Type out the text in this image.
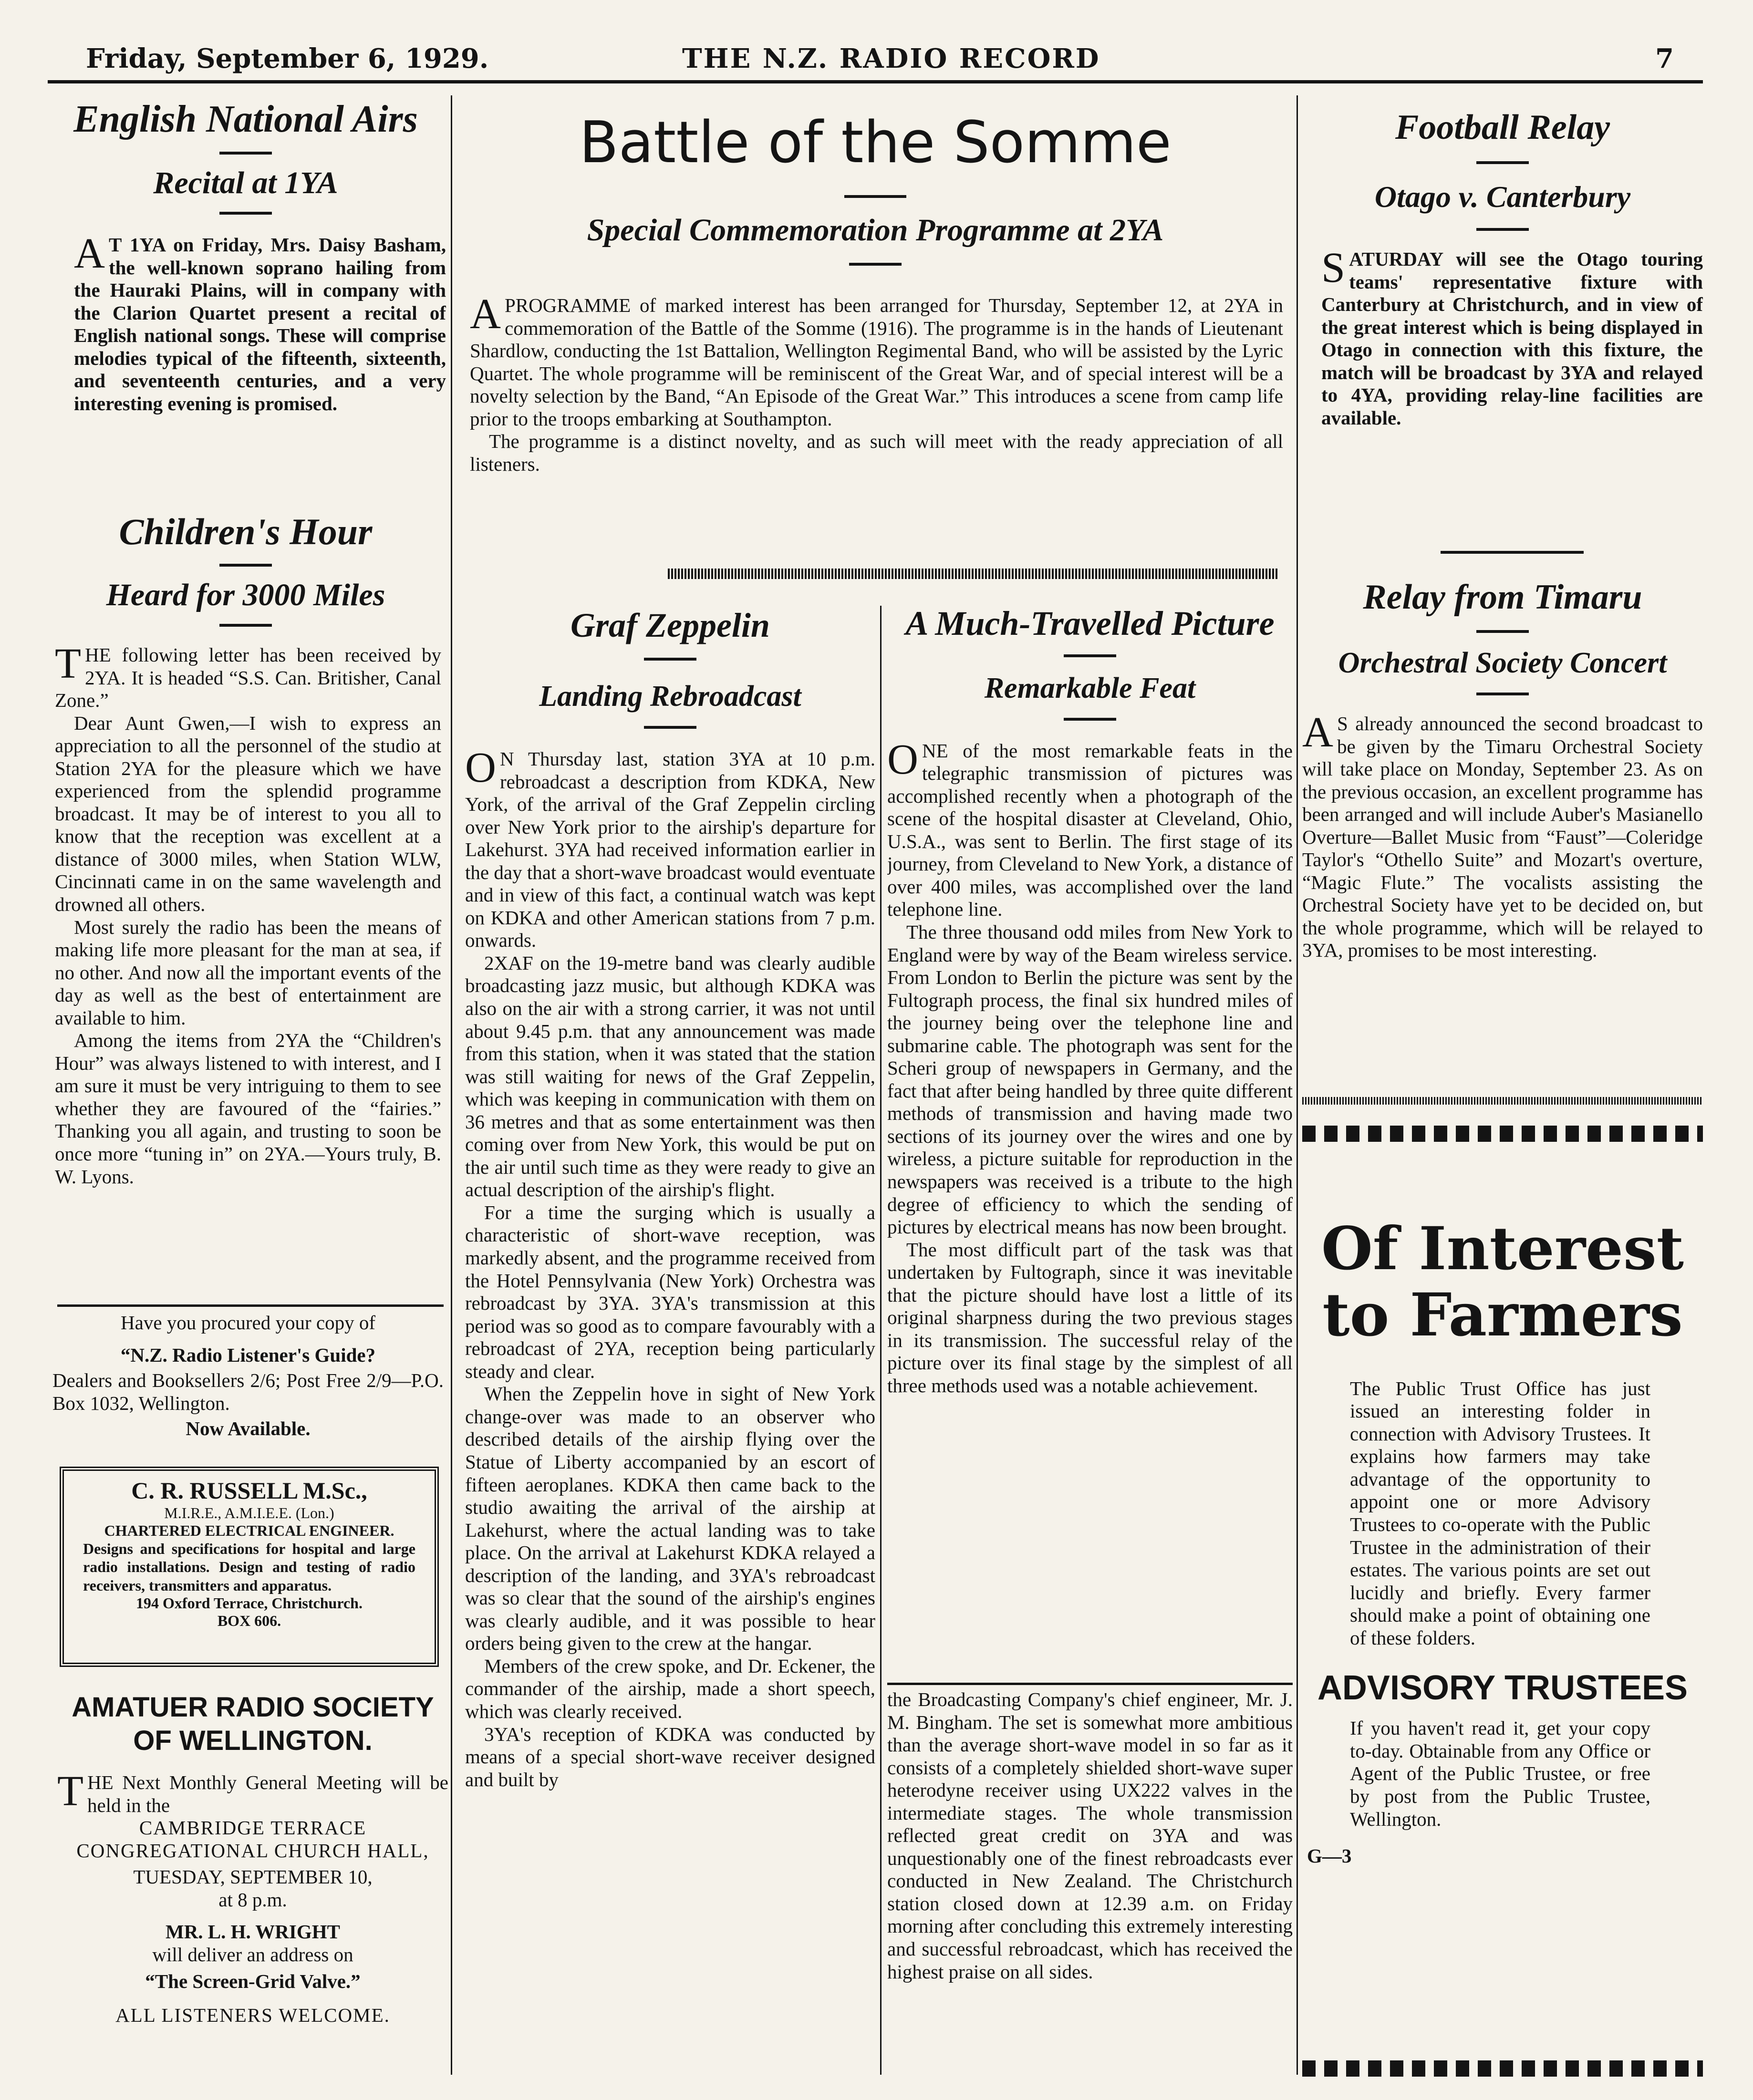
Friday, September 6, 1929.	THE N.Z. RADIO RECORD	7
English National Airs
Recital at 1YA

AT 1YA on Friday, Mrs. Daisy Basham, the well-known soprano hailing from the Hauraki Plains, will in company with the Clarion Quartet present a recital of English national songs. These will comprise melodies typical of the fifteenth, sixteenth, and seventeenth centuries, and a very interesting evening is promised.

Children's Hour
Heard for 3000 Miles

THE following letter has been received by 2YA. It is headed “S.S. Can. Britisher, Canal Zone.”

Dear Aunt Gwen,—I wish to express an appreciation to all the personnel of the studio at Station 2YA for the pleasure which we have experienced from the splendid programme broadcast. It may be of interest to you all to know that the reception was excellent at a distance of 3000 miles, when Station WLW, Cincinnati came in on the same wavelength and drowned all others.

Most surely the radio has been the means of making life more pleasant for the man at sea, if no other. And now all the important events of the day as well as the best of entertainment are available to him.

Among the items from 2YA the “Children's Hour” was always listened to with interest, and I am sure it must be very intriguing to them to see whether they are favoured of the “fairies.” Thanking you all again, and trusting to soon be once more “tuning in” on 2YA.—Yours truly, B. W. Lyons.

Have you procured your copy of
“N.Z. Radio Listener's Guide?
Dealers and Booksellers 2/6; Post Free 2/9—P.O. Box 1032, Wellington.
Now Available.
C. R. RUSSELL M.Sc.,
M.I.R.E., A.M.I.E.E. (Lon.)
CHARTERED ELECTRICAL ENGINEER.
Designs and specifications for hospital and large radio installations. Design and testing of radio receivers, transmitters and apparatus.
194 Oxford Terrace, Christchurch.
BOX 606.
AMATUER RADIO SOCIETY OF WELLINGTON.

THE Next Monthly General Meeting will be held in the

CAMBRIDGE TERRACE CONGREGATIONAL CHURCH HALL,
TUESDAY, SEPTEMBER 10,
at 8 p.m.
MR. L. H. WRIGHT
will deliver an address on
“The Screen-Grid Valve.”
ALL LISTENERS WELCOME.
Battle of the Somme
Special Commemoration Programme at 2YA

APROGRAMME of marked interest has been arranged for Thursday, September 12, at 2YA in commemoration of the Battle of the Somme (1916). The programme is in the hands of Lieutenant Shardlow, conducting the 1st Battalion, Wellington Regimental Band, who will be assisted by the Lyric Quartet. The whole programme will be reminiscent of the Great War, and of special interest will be a novelty selection by the Band, “An Episode of the Great War.” This introduces a scene from camp life prior to the troops embarking at Southampton.

The programme is a distinct novelty, and as such will meet with the ready appreciation of all listeners.

Graf Zeppelin
Landing Rebroadcast

ON Thursday last, station 3YA at 10 p.m. rebroadcast a description from KDKA, New York, of the arrival of the Graf Zeppelin circling over New York prior to the airship's departure for Lakehurst. 3YA had received information earlier in the day that a short-wave broadcast would eventuate and in view of this fact, a continual watch was kept on KDKA and other American stations from 7 p.m. onwards.

2XAF on the 19-metre band was clearly audible broadcasting jazz music, but although KDKA was also on the air with a strong carrier, it was not until about 9.45 p.m. that any announcement was made from this station, when it was stated that the station was still waiting for news of the Graf Zeppelin, which was keeping in communication with them on 36 metres and that as some entertainment was then coming over from New York, this would be put on the air until such time as they were ready to give an actual description of the airship's flight.

For a time the surging which is usually a characteristic of short-wave reception, was markedly absent, and the programme received from the Hotel Pennsylvania (New York) Orchestra was rebroadcast by 3YA. 3YA's transmission at this period was so good as to compare favourably with a rebroadcast of 2YA, reception being particularly steady and clear.

When the Zeppelin hove in sight of New York change-over was made to an observer who described details of the airship flying over the Statue of Liberty accompanied by an escort of fifteen aeroplanes. KDKA then came back to the studio awaiting the arrival of the airship at Lakehurst, where the actual landing was to take place. On the arrival at Lakehurst KDKA relayed a description of the landing, and 3YA's rebroadcast was so clear that the sound of the airship's engines was clearly audible, and it was possible to hear orders being given to the crew at the hangar.

Members of the crew spoke, and Dr. Eckener, the commander of the airship, made a short speech, which was clearly received.

3YA's reception of KDKA was conducted by means of a special short-wave receiver designed and built by

A Much-Travelled Picture
Remarkable Feat

ONE of the most remarkable feats in the telegraphic transmission of pictures was accomplished recently when a photograph of the scene of the hospital disaster at Cleveland, Ohio, U.S.A., was sent to Berlin. The first stage of its journey, from Cleveland to New York, a distance of over 400 miles, was accomplished over the land telephone line.

The three thousand odd miles from New York to England were by way of the Beam wireless service. From London to Berlin the picture was sent by the Fultograph process, the final six hundred miles of the journey being over the telephone line and submarine cable. The photograph was sent for the Scheri group of newspapers in Germany, and the fact that after being handled by three quite different methods of transmission and having made two sections of its journey over the wires and one by wireless, a picture suitable for reproduction in the newspapers was received is a tribute to the high degree of efficiency to which the sending of pictures by electrical means has now been brought.

The most difficult part of the task was that undertaken by Fultograph, since it was inevitable that the picture should have lost a little of its original sharpness during the two previous stages in its transmission. The successful relay of the picture over its final stage by the simplest of all three methods used was a notable achievement.

the Broadcasting Company's chief engineer, Mr. J. M. Bingham. The set is somewhat more ambitious than the average short-wave model in so far as it consists of a completely shielded short-wave super heterodyne receiver using UX222 valves in the intermediate stages. The whole transmission reflected great credit on 3YA and was unquestionably one of the finest rebroadcasts ever conducted in New Zealand. The Christchurch station closed down at 12.39 a.m. on Friday morning after concluding this extremely interesting and successful rebroadcast, which has received the highest praise on all sides.

Football Relay
Otago v. Canterbury

SATURDAY will see the Otago touring teams' representative fixture with Canterbury at Christchurch, and in view of the great interest which is being displayed in Otago in connection with this fixture, the match will be broadcast by 3YA and relayed to 4YA, providing relay-line facilities are available.

Relay from Timaru
Orchestral Society Concert

AS already announced the second broadcast to be given by the Timaru Orchestral Society will take place on Monday, September 23. As on the previous occasion, an excellent programme has been arranged and will include Auber's Masianello Overture—Ballet Music from “Faust”—Coleridge Taylor's “Othello Suite” and Mozart's overture, “Magic Flute.” The vocalists assisting the Orchestral Society have yet to be decided on, but the whole programme, which will be relayed to 3YA, promises to be most interesting.

Of Interest
to Farmers

The Public Trust Office has just issued an interesting folder in connection with Advisory Trustees. It explains how farmers may take advantage of the opportunity to appoint one or more Advisory Trustees to co-operate with the Public Trustee in the administration of their estates. The various points are set out lucidly and briefly. Every farmer should make a point of obtaining one of these folders.

ADVISORY TRUSTEES

If you haven't read it, get your copy to-day. Obtainable from any Office or Agent of the Public Trustee, or free by post from the Public Trustee, Wellington.

G—3
